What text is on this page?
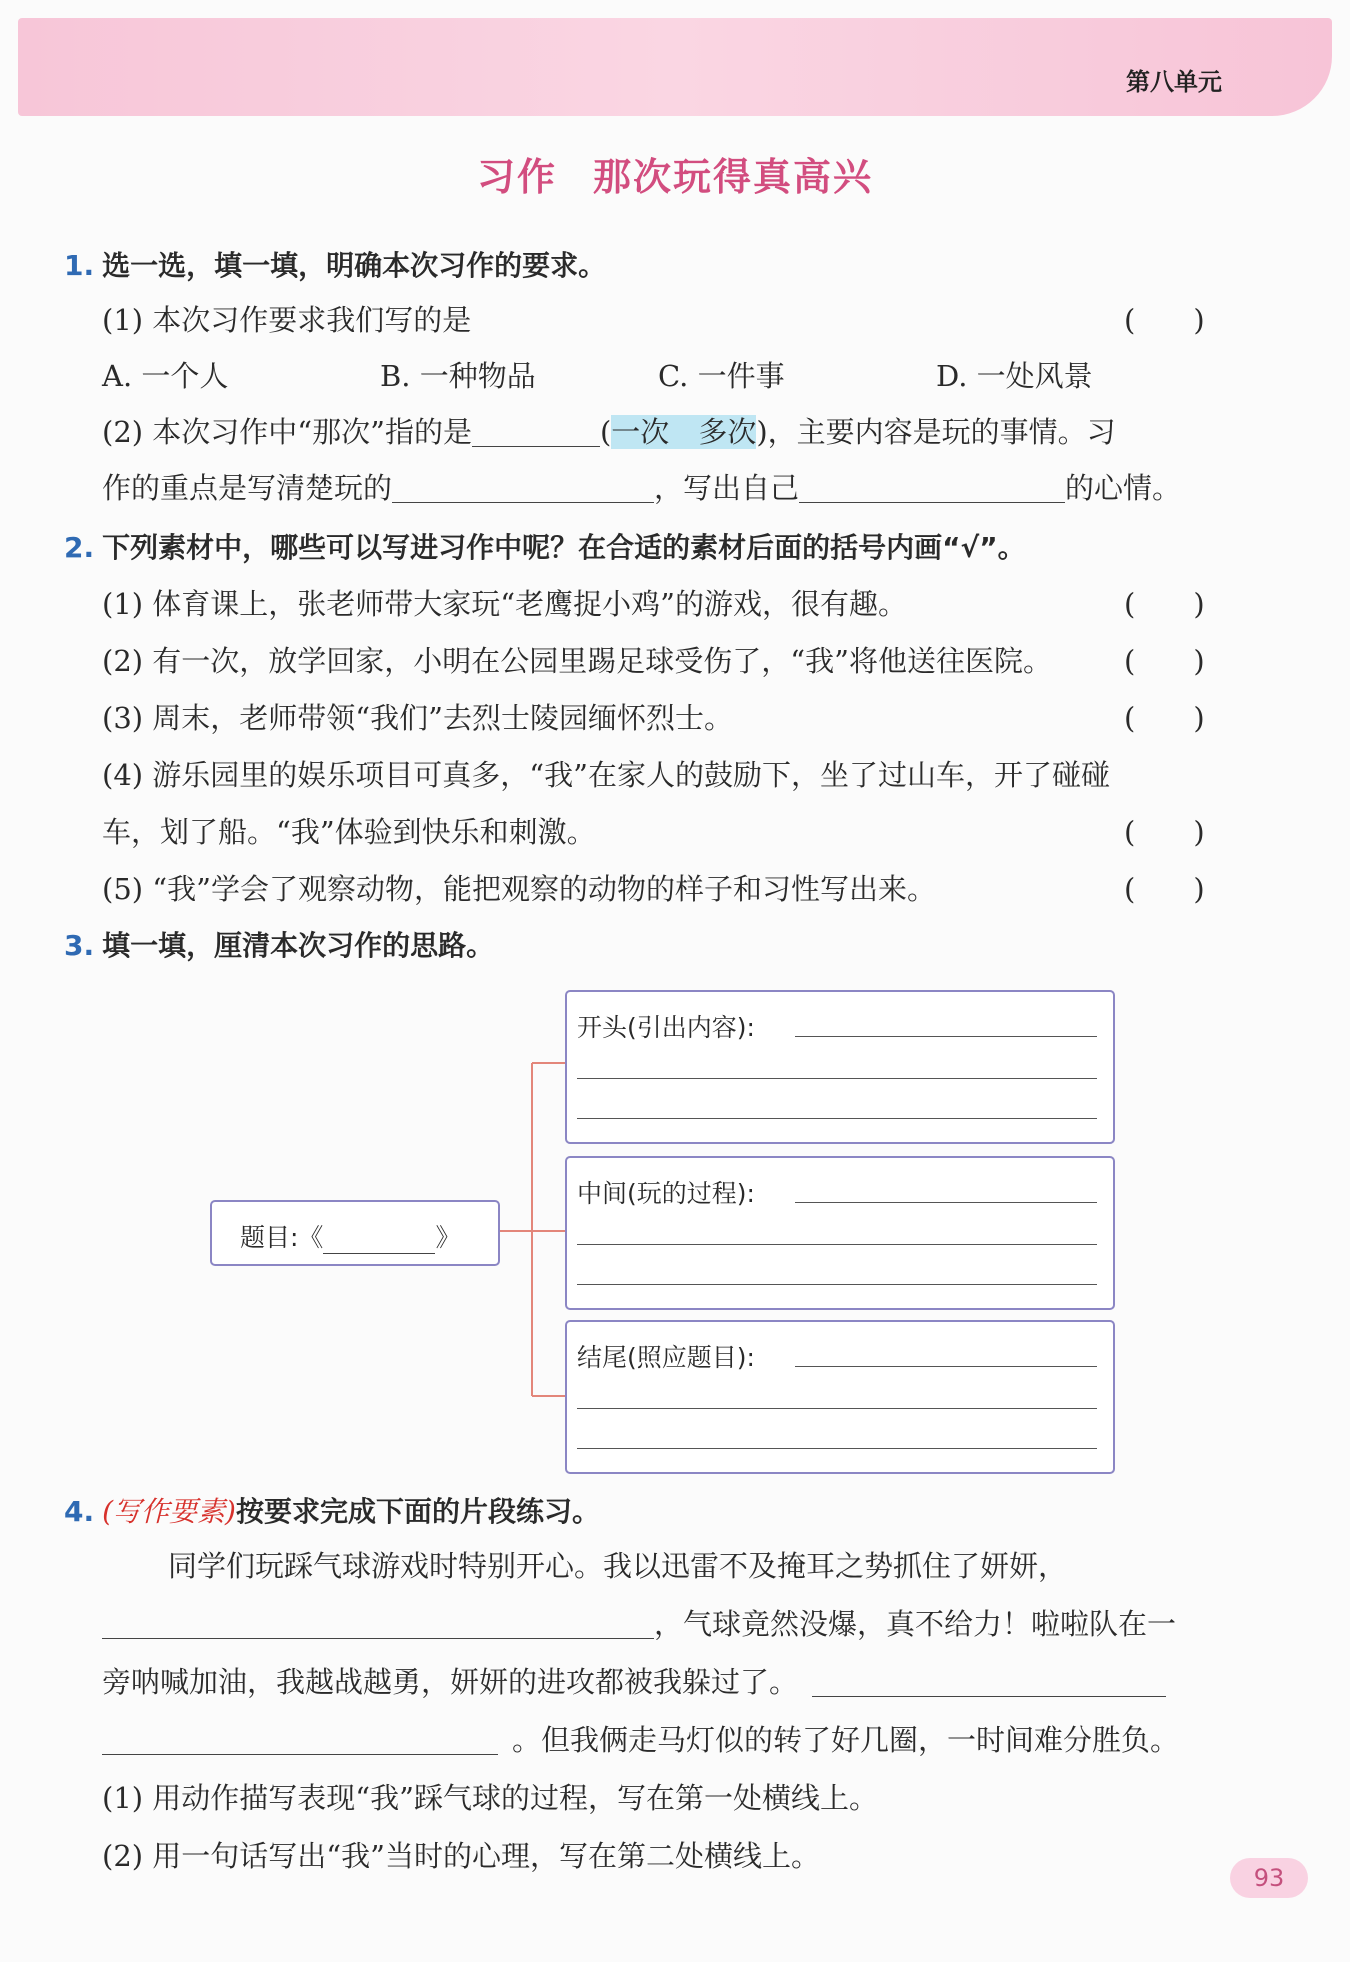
第八单元
习作 那次玩得真高兴
1. 选一选，填一填，明确本次习作的要求。
(1) 本次习作要求我们写的是	(　　)
A. 一个人	B. 一种物品	C. 一件事	D. 一处风景
(2) 本次习作中“那次”指的是	(一次　 多次)，主要内容是玩的事情。习
作的重点是写清楚玩的	，写出自己	的心情。
2. 下列素材中，哪些可以写进习作中呢？在合适的素材后面的括号内画“√”。
(1) 体育课上，张老师带大家玩“老鹰捉小鸡”的游戏，很有趣。	(　　)
(2) 有一次，放学回家，小明在公园里踢足球受伤了，“我”将他送往医院。 (　　)
(3) 周末，老师带领“我们”去烈士陵园缅怀烈士。	(　　)
(4) 游乐园里的娱乐项目可真多，“我”在家人的鼓励下，坐了过山车，开了碰碰
车，划了船。“我”体验到快乐和刺激。	(　　)
(5) “我”学会了观察动物，能把观察的动物的样子和习性写出来。	(　　)
3. 填一填，厘清本次习作的思路。
题目:《	》
开头(引出内容):
中间(玩的过程):
结尾(照应题目):
4. (写作要素)按要求完成下面的片段练习。
同学们玩踩气球游戏时特别开心。我以迅雷不及掩耳之势抓住了妍妍，
，气球竟然没爆，真不给力！啦啦队在一
旁呐喊加油，我越战越勇，妍妍的进攻都被我躲过了。
。但我俩走马灯似的转了好几圈，一时间难分胜负。
(1) 用动作描写表现“我”踩气球的过程，写在第一处横线上。
(2) 用一句话写出“我”当时的心理，写在第二处横线上。
93
